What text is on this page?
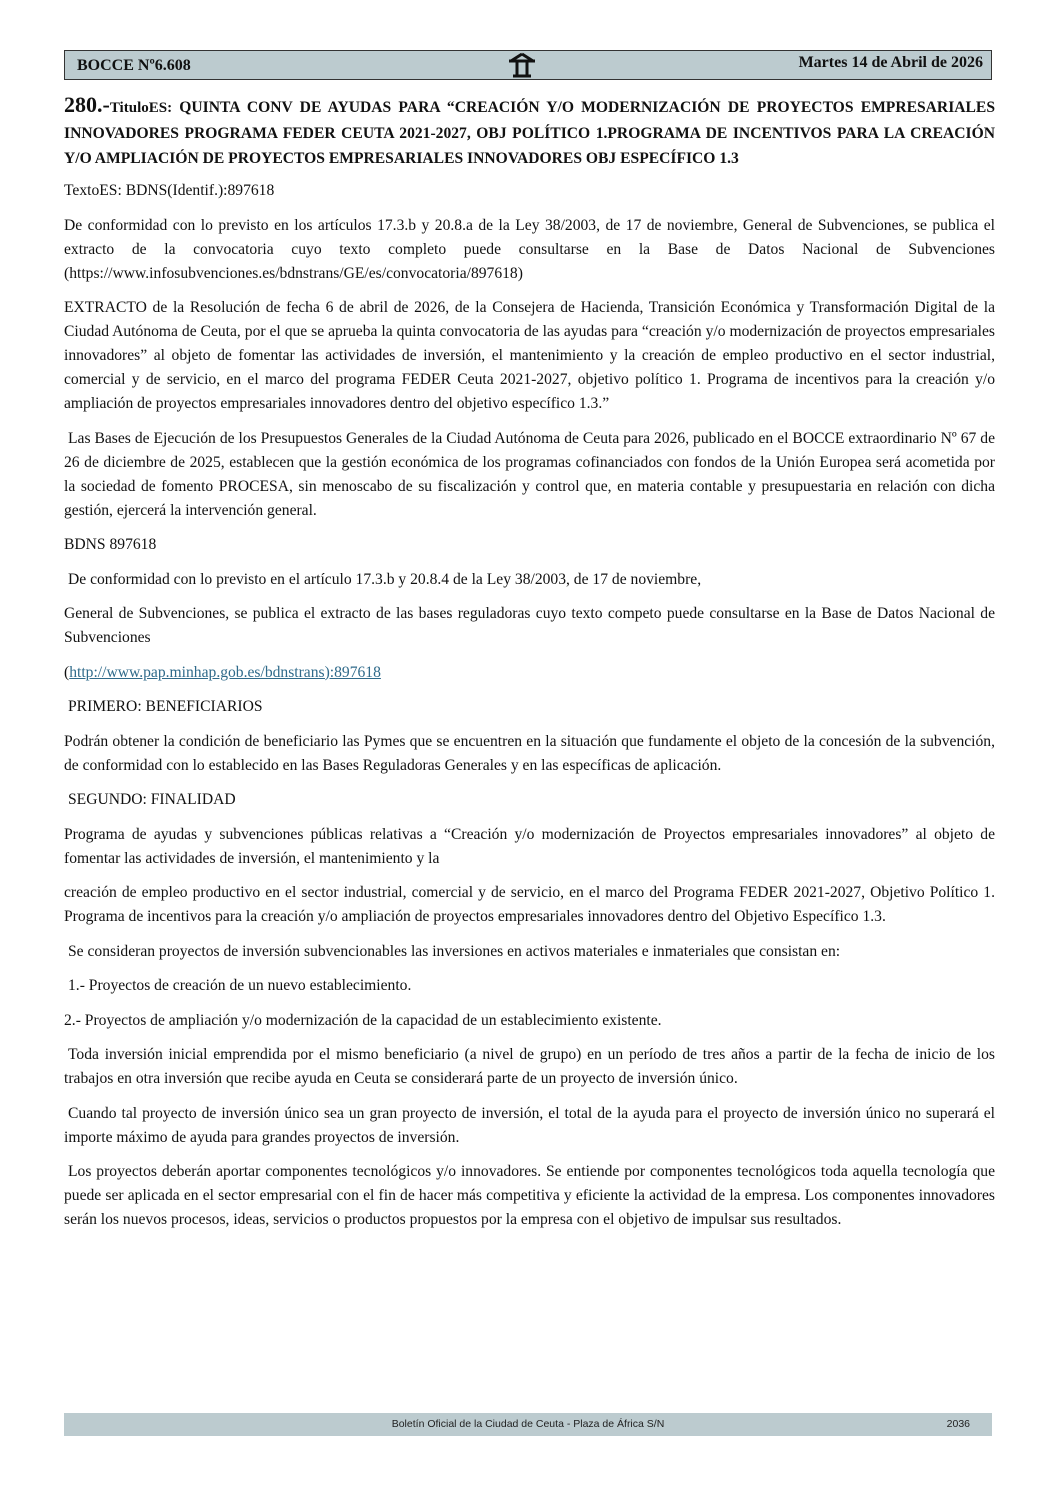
BOCCE Nº6.608	Martes 14 de Abril de 2026
280.-TituloES: QUINTA CONV DE AYUDAS PARA “CREACIÓN Y/O MODERNIZACIÓN DE PROYECTOS EMPRESARIALES INNOVADORES PROGRAMA FEDER CEUTA 2021-2027, OBJ POLÍTICO 1.PROGRAMA DE INCENTIVOS PARA LA CREACIÓN Y/O AMPLIACIÓN DE PROYECTOS EMPRESARIALES INNOVADORES OBJ ESPECÍFICO 1.3

TextoES: BDNS(Identif.):897618

De conformidad con lo previsto en los artículos 17.3.b y 20.8.a de la Ley 38/2003, de 17 de noviembre, General de Subvenciones, se publica el extracto de la convocatoria cuyo texto completo puede consultarse en la Base de Datos Nacional de Subvenciones (https://www.infosubvenciones.es/bdnstrans/GE/es/convocatoria/897618)

EXTRACTO de la Resolución de fecha 6 de abril de 2026, de la Consejera de Hacienda, Transición Económica y Transformación Digital de la Ciudad Autónoma de Ceuta, por el que se aprueba la quinta convocatoria de las ayudas para “creación y/o modernización de proyectos empresariales innovadores” al objeto de fomentar las actividades de inversión, el mantenimiento y la creación de empleo productivo en el sector industrial, comercial y de servicio, en el marco del programa FEDER Ceuta 2021-2027, objetivo político 1. Programa de incentivos para la creación y/o ampliación de proyectos empresariales innovadores dentro del objetivo específico 1.3.”

Las Bases de Ejecución de los Presupuestos Generales de la Ciudad Autónoma de Ceuta para 2026, publicado en el BOCCE extraordinario Nº 67 de 26 de diciembre de 2025, establecen que la gestión económica de los programas cofinanciados con fondos de la Unión Europea será acometida por la sociedad de fomento PROCESA, sin menoscabo de su fiscalización y control que, en materia contable y presupuestaria en relación con dicha gestión, ejercerá la intervención general.

BDNS 897618

De conformidad con lo previsto en el artículo 17.3.b y 20.8.4 de la Ley 38/2003, de 17 de noviembre,

General de Subvenciones, se publica el extracto de las bases reguladoras cuyo texto competo puede consultarse en la Base de Datos Nacional de Subvenciones

(http://www.pap.minhap.gob.es/bdnstrans):897618

PRIMERO: BENEFICIARIOS

Podrán obtener la condición de beneficiario las Pymes que se encuentren en la situación que fundamente el objeto de la concesión de la subvención, de conformidad con lo establecido en las Bases Reguladoras Generales y en las específicas de aplicación.

SEGUNDO: FINALIDAD

Programa de ayudas y subvenciones públicas relativas a “Creación y/o modernización de Proyectos empresariales innovadores” al objeto de fomentar las actividades de inversión, el mantenimiento y la

creación de empleo productivo en el sector industrial, comercial y de servicio, en el marco del Programa FEDER 2021-2027, Objetivo Político 1. Programa de incentivos para la creación y/o ampliación de proyectos empresariales innovadores dentro del Objetivo Específico 1.3.

Se consideran proyectos de inversión subvencionables las inversiones en activos materiales e inmateriales que consistan en:

1.- Proyectos de creación de un nuevo establecimiento.

2.- Proyectos de ampliación y/o modernización de la capacidad de un establecimiento existente.

Toda inversión inicial emprendida por el mismo beneficiario (a nivel de grupo) en un período de tres años a partir de la fecha de inicio de los trabajos en otra inversión que recibe ayuda en Ceuta se considerará parte de un proyecto de inversión único.

Cuando tal proyecto de inversión único sea un gran proyecto de inversión, el total de la ayuda para el proyecto de inversión único no superará el importe máximo de ayuda para grandes proyectos de inversión.

Los proyectos deberán aportar componentes tecnológicos y/o innovadores. Se entiende por componentes tecnológicos toda aquella tecnología que puede ser aplicada en el sector empresarial con el fin de hacer más competitiva y eficiente la actividad de la empresa. Los componentes innovadores serán los nuevos procesos, ideas, servicios o productos propuestos por la empresa con el objetivo de impulsar sus resultados.

Boletín Oficial de la Ciudad de Ceuta - Plaza de África S/N	2036
